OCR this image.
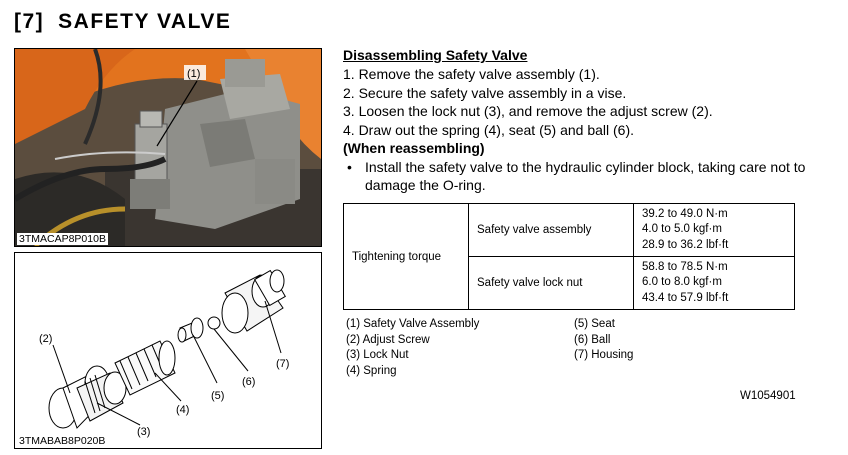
[7] SAFETY VALVE
(1)
3TMACAP8P010B
(2)
(3)
(4)
(5)
(6)
(7)
3TMABAB8P020B
Disassembling Safety Valve
1. Remove the safety valve assembly (1).
2. Secure the safety valve assembly in a vise.
3. Loosen the lock nut (3), and remove the adjust screw (2).
4. Draw out the spring (4), seat (5) and ball (6).
(When reassembling)
• Install the safety valve to the hydraulic cylinder block, taking care not to damage the O-ring.
Tightening torque	Safety valve assembly	39.2 to 49.0 N·m
4.0 to 5.0 kgf·m
28.9 to 36.2 lbf·ft

	Safety valve lock nut	58.8 to 78.5 N·m
6.0 to 8.0 kgf·m
43.4 to 57.9 lbf·ft
(1) Safety Valve Assembly
(2) Adjust Screw
(3) Lock Nut
(4) Spring
(5) Seat
(6) Ball
(7) Housing
W1054901
